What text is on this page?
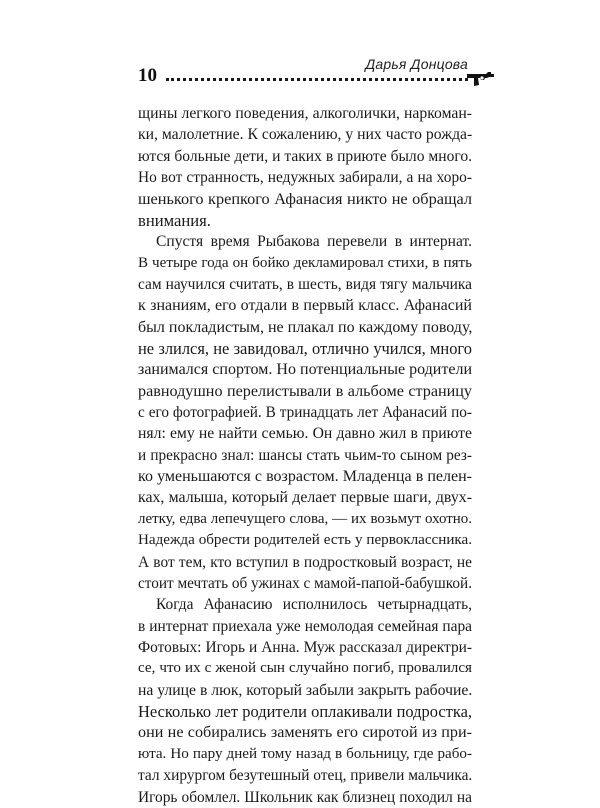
10
Дарья Донцова
щины легкого поведения, алкоголички, наркоман-
ки, малолетние. К сожалению, у них часто рожда-
ются больные дети, и таких в приюте было много.
Но вот странность, недужных забирали, а на хоро-
шенького крепкого Афанасия никто не обращал
внимания.
Спустя время Рыбакова перевели в интернат.
В четыре года он бойко декламировал стихи, в пять
сам научился считать, в шесть, видя тягу мальчика
к знаниям, его отдали в первый класс. Афанасий
был покладистым, не плакал по каждому поводу,
не злился, не завидовал, отлично учился, много
занимался спортом. Но потенциальные родители
равнодушно перелистывали в альбоме страницу
с его фотографией. В тринадцать лет Афанасий по-
нял: ему не найти семью. Он давно жил в приюте
и прекрасно знал: шансы стать чьим-то сыном рез-
ко уменьшаются с возрастом. Младенца в пелен-
ках, малыша, который делает первые шаги, двух-
летку, едва лепечущего слова, — их возьмут охотно.
Надежда обрести родителей есть у первоклассника.
А вот тем, кто вступил в подростковый возраст, не
стоит мечтать об ужинах с мамой-папой-бабушкой.
Когда Афанасию исполнилось четырнадцать,
в интернат приехала уже немолодая семейная пара
Фотовых: Игорь и Анна. Муж рассказал директри-
се, что их с женой сын случайно погиб, провалился
на улице в люк, который забыли закрыть рабочие.
Несколько лет родители оплакивали подростка,
они не собирались заменять его сиротой из при-
юта. Но пару дней тому назад в больницу, где рабо-
тал хирургом безутешный отец, привели мальчика.
Игорь обомлел. Школьник как близнец походил на
